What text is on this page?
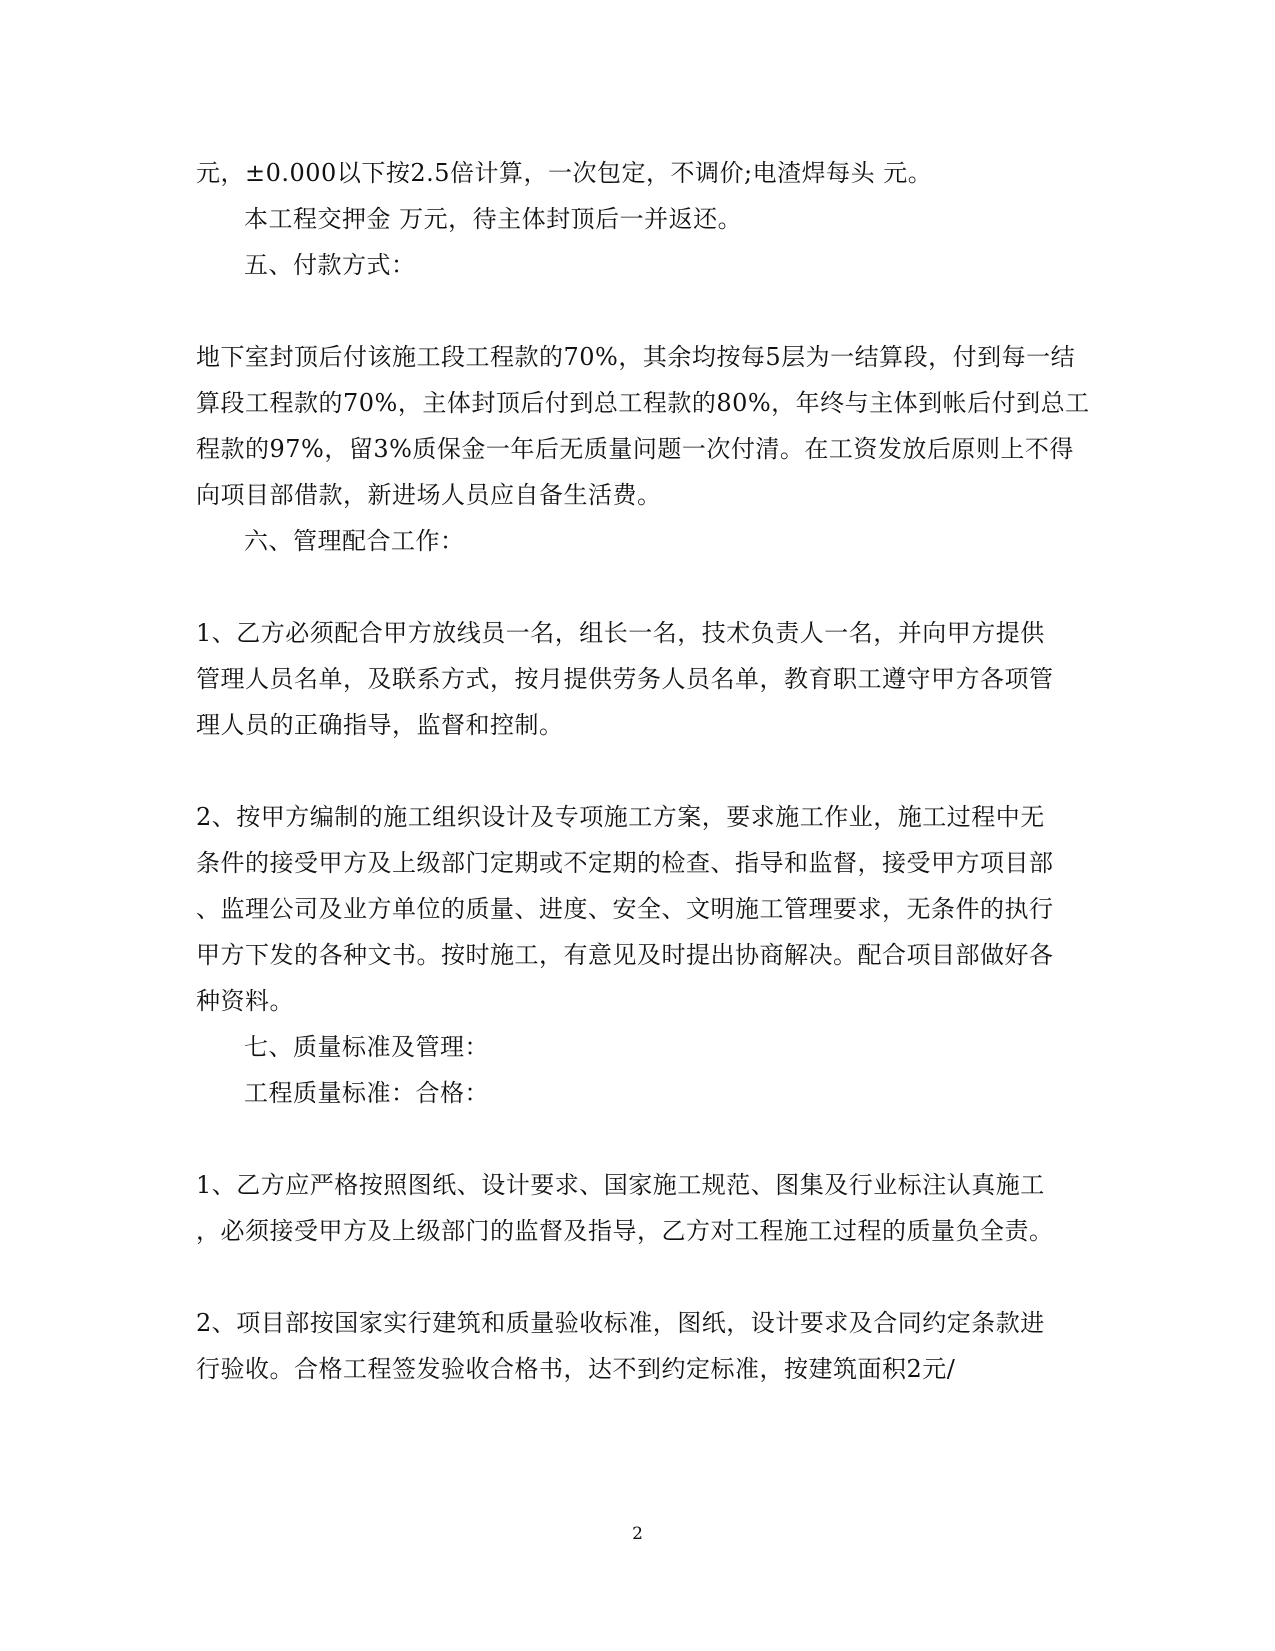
元，±0.000以下按2.5倍计算，一次包定，不调价;电渣焊每头 元。
本工程交押金 万元，待主体封顶后一并返还。
五、付款方式：
地下室封顶后付该施工段工程款的70%，其余均按每5层为一结算段，付到每一结
算段工程款的70%，主体封顶后付到总工程款的80%，年终与主体到帐后付到总工
程款的97%，留3%质保金一年后无质量问题一次付清。在工资发放后原则上不得
向项目部借款，新进场人员应自备生活费。
六、管理配合工作：
1、乙方必须配合甲方放线员一名，组长一名，技术负责人一名，并向甲方提供
管理人员名单，及联系方式，按月提供劳务人员名单，教育职工遵守甲方各项管
理人员的正确指导，监督和控制。
2、按甲方编制的施工组织设计及专项施工方案，要求施工作业，施工过程中无
条件的接受甲方及上级部门定期或不定期的检查、指导和监督，接受甲方项目部
、监理公司及业方单位的质量、进度、安全、文明施工管理要求，无条件的执行
甲方下发的各种文书。按时施工，有意见及时提出协商解决。配合项目部做好各
种资料。
七、质量标准及管理：
工程质量标准：合格：
1、乙方应严格按照图纸、设计要求、国家施工规范、图集及行业标注认真施工
，必须接受甲方及上级部门的监督及指导，乙方对工程施工过程的质量负全责。
2、项目部按国家实行建筑和质量验收标准，图纸，设计要求及合同约定条款进
行验收。合格工程签发验收合格书，达不到约定标准，按建筑面积2元/
2
